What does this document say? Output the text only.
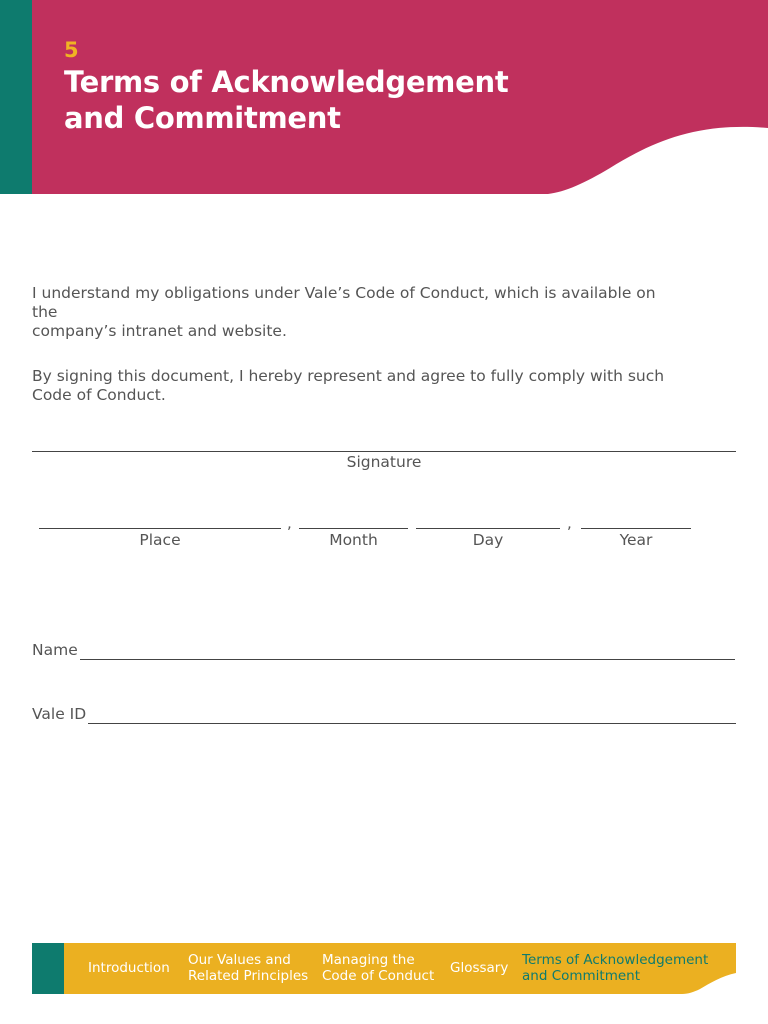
5
Terms of Acknowledgement
and Commitment
I understand my obligations under Vale’s Code of Conduct, which is available on the
company’s intranet and website.
By signing this document, I hereby represent and agree to fully comply with such
Code of Conduct.
Signature
,	,
Place	Month	Day	Year
Name
Vale ID
Introduction Our Values and
Related Principles
Managing the
Code of Conduct Glossary Terms of Acknowledgement
and Commitment
